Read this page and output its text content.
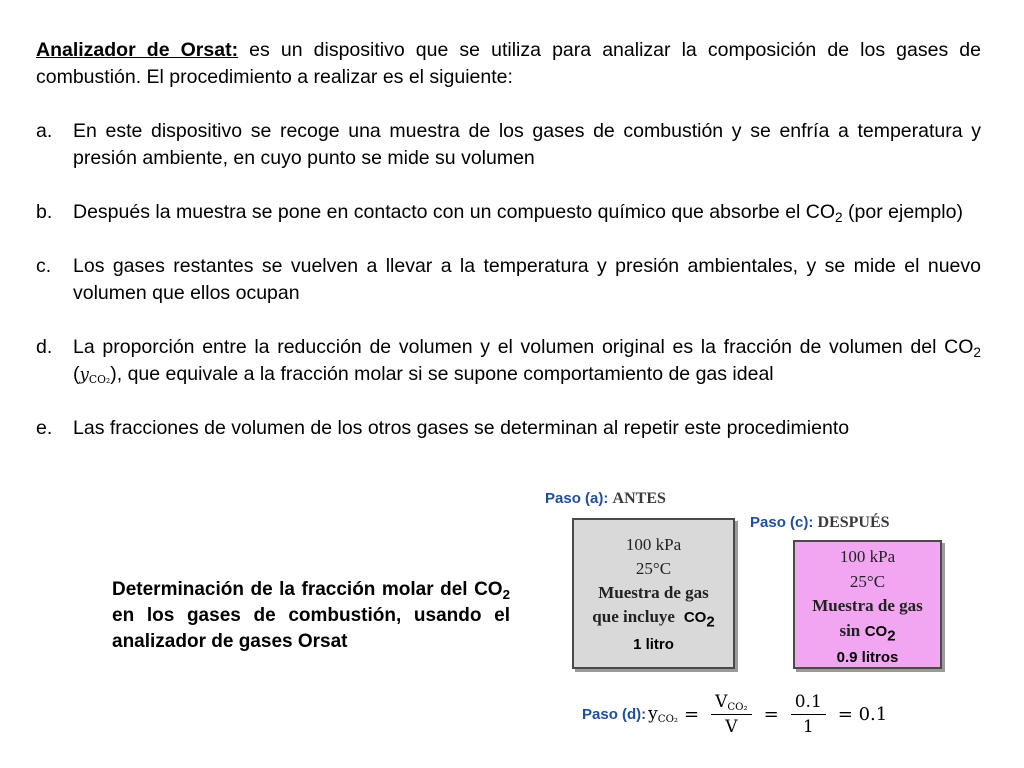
Analizador de Orsat: es un dispositivo que se utiliza para analizar la composición de los gases de combustión. El procedimiento a realizar es el siguiente:
a. En este dispositivo se recoge una muestra de los gases de combustión y se enfría a temperatura y presión ambiente, en cuyo punto se mide su volumen
b. Después la muestra se pone en contacto con un compuesto químico que absorbe el $CO_2$ (por ejemplo)
c. Los gases restantes se vuelven a llevar a la temperatura y presión ambientales, y se mide el nuevo volumen que ellos ocupan
d. La proporción entre la reducción de volumen y el volumen original es la fracción de volumen del $CO_2$ $(y_{CO_2})$, que equivale a la fracción molar si se supone comportamiento de gas ideal
e. Las fracciones de volumen de los otros gases se determinan al repetir este procedimiento
Determinación de la fracción molar del $CO_2$ en los gases de combustión, usando el analizador de gases Orsat
Paso (a): ANTES
100 kPa
25°C
Muestra de gas
que incluye $CO_2$
1 litro
Paso (c): DESPUÉS
100 kPa
25°C
Muestra de gas
$\sin CO_2$
0.9 litros
Paso (d): $y_{CO_2} = \frac{V_{CO_2}}{V} = \frac{0.1}{1} = 0.1$
